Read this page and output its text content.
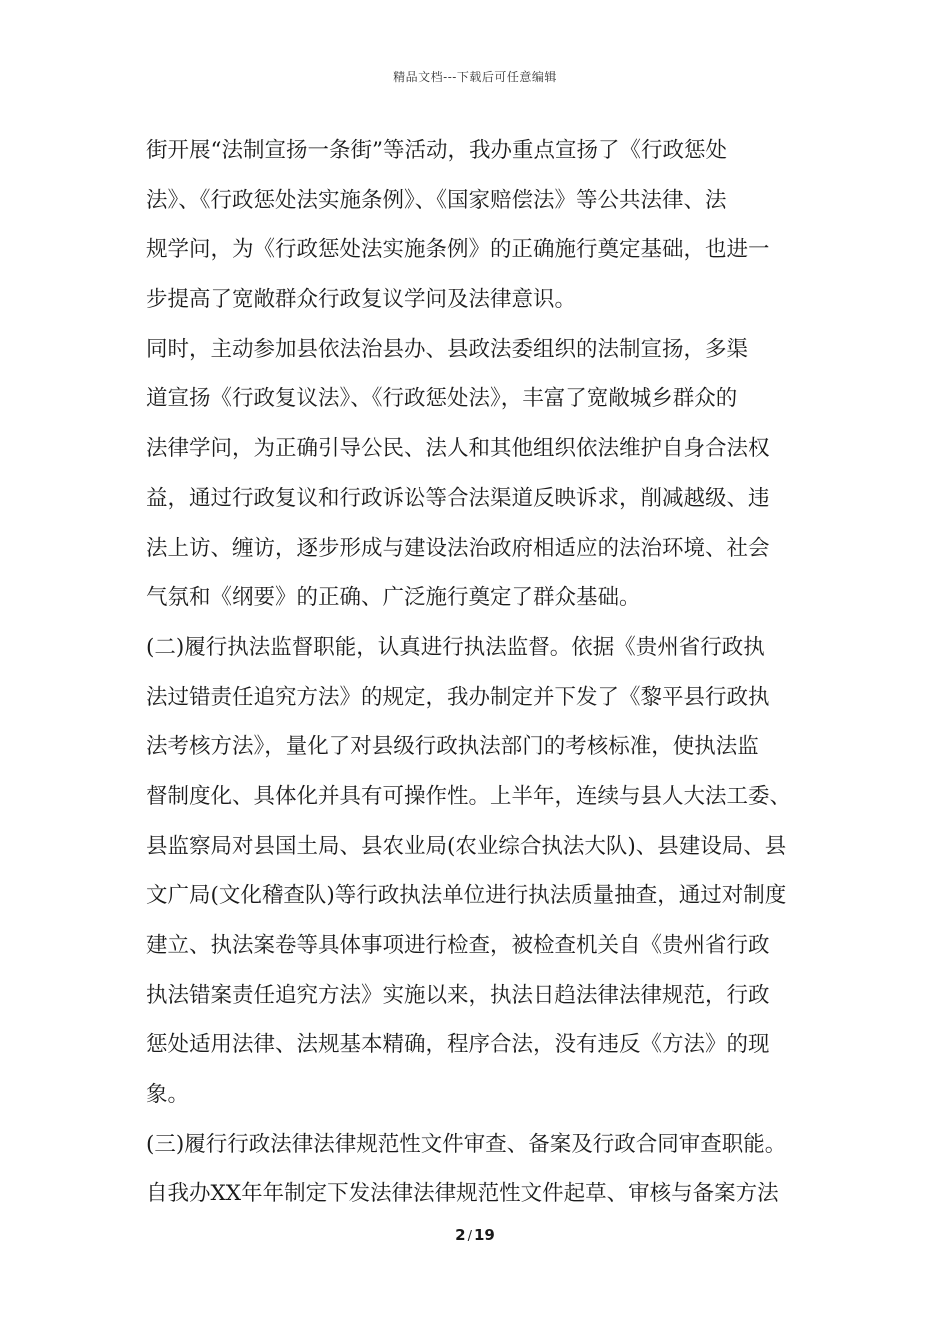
精品文档---下载后可任意编辑
街开展“法制宣扬一条街”等活动，我办重点宣扬了《行政惩处
法》、《行政惩处法实施条例》、《国家赔偿法》等公共法律、法
规学问，为《行政惩处法实施条例》的正确施行奠定基础，也进一
步提高了宽敞群众行政复议学问及法律意识。
同时，主动参加县依法治县办、县政法委组织的法制宣扬，多渠
道宣扬《行政复议法》、《行政惩处法》，丰富了宽敞城乡群众的
法律学问，为正确引导公民、法人和其他组织依法维护自身合法权
益，通过行政复议和行政诉讼等合法渠道反映诉求，削减越级、违
法上访、缠访，逐步形成与建设法治政府相适应的法治环境、社会
气氛和《纲要》的正确、广泛施行奠定了群众基础。
(二)履行执法监督职能，认真进行执法监督。依据《贵州省行政执
法过错责任追究方法》的规定，我办制定并下发了《黎平县行政执
法考核方法》，量化了对县级行政执法部门的考核标准，使执法监
督制度化、具体化并具有可操作性。上半年，连续与县人大法工委、
县监察局对县国土局、县农业局(农业综合执法大队)、县建设局、县
文广局(文化稽查队)等行政执法单位进行执法质量抽查，通过对制度
建立、执法案卷等具体事项进行检查，被检查机关自《贵州省行政
执法错案责任追究方法》实施以来，执法日趋法律法律规范，行政
惩处适用法律、法规基本精确，程序合法，没有违反《方法》的现
象。
(三)履行行政法律法律规范性文件审查、备案及行政合同审查职能。
自我办XX年年制定下发法律法律规范性文件起草、审核与备案方法
2 / 19
